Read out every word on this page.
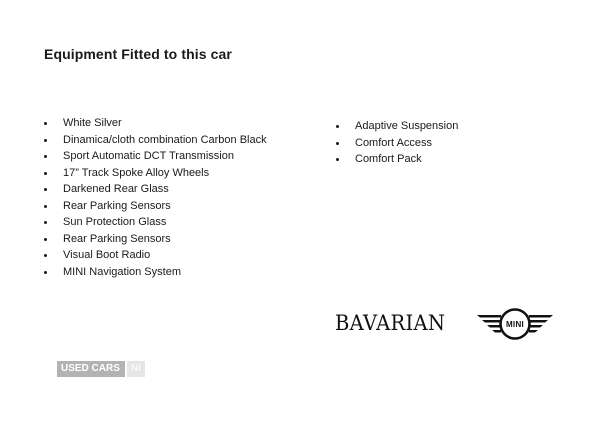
Equipment Fitted to this car
White Silver
Dinamica/cloth combination Carbon Black
Sport Automatic DCT Transmission
17” Track Spoke Alloy Wheels
Darkened Rear Glass
Rear Parking Sensors
Sun Protection Glass
Rear Parking Sensors
Visual Boot Radio
MINI Navigation System
Adaptive Suspension
Comfort Access
Comfort Pack
BAVARIAN	MINI
USED CARS	NI
